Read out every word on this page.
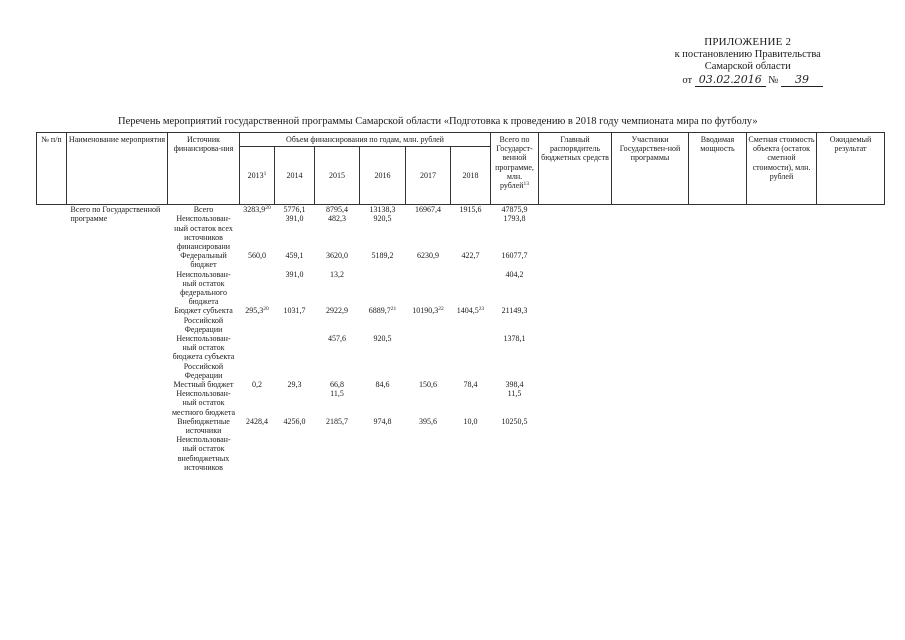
ПРИЛОЖЕНИЕ 2
к постановлению Правительства
Самарской области
от 03.02.2016 № 39
Перечень мероприятий государственной программы Самарской области «Подготовка к проведению в 2018 году чемпионата мира по футболу»
№ п/п	Наименование мероприятия	Источник финансирова-ния	Объем финансирования по годам, млн. рублей						Всего по Государст-венной программе, млн. рублей$^{13}$	Главный распорядитель бюджетных средств	Участники Государствен-ной программы	Вводимая мощность	Сметная стоимость объекта (остаток сметной стоимости), млн. рублей	Ожидаемый результат
			2013$^1$	2014	2015	2016	2017	2018						

	Всего по Государственной программе	Всего	3283,9$^{20}$	5776,1	8795,4	13138,3	16967,4	1915,6	47875,9					
		Неиспользован-ный остаток всех источников финансировани		391,0	482,3	920,5			1793,8					
		Федеральный бюджет	560,0	459,1	3620,0	5189,2	6230,9	422,7	16077,7					
		Неиспользован-ный остаток федерального бюджета		391,0	13,2				404,2					
		Бюджет субъекта Российской Федерации	295,3$^{20}$	1031,7	2922,9	6889,7$^{21}$	10190,3$^{22}$	1404,5$^{23}$	21149,3					
		Неиспользован-ный остаток бюджета субъекта Российской Федерации			457,6	920,5			1378,1					
		Местный бюджет	0,2	29,3	66,8	84,6	150,6	78,4	398,4					
		Неиспользован-ный остаток местного бюджета			11,5				11,5					
		Внебюджетные источники	2428,4	4256,0	2185,7	974,8	395,6	10,0	10250,5					
		Неиспользован-ный остаток внебюджетных источников												
